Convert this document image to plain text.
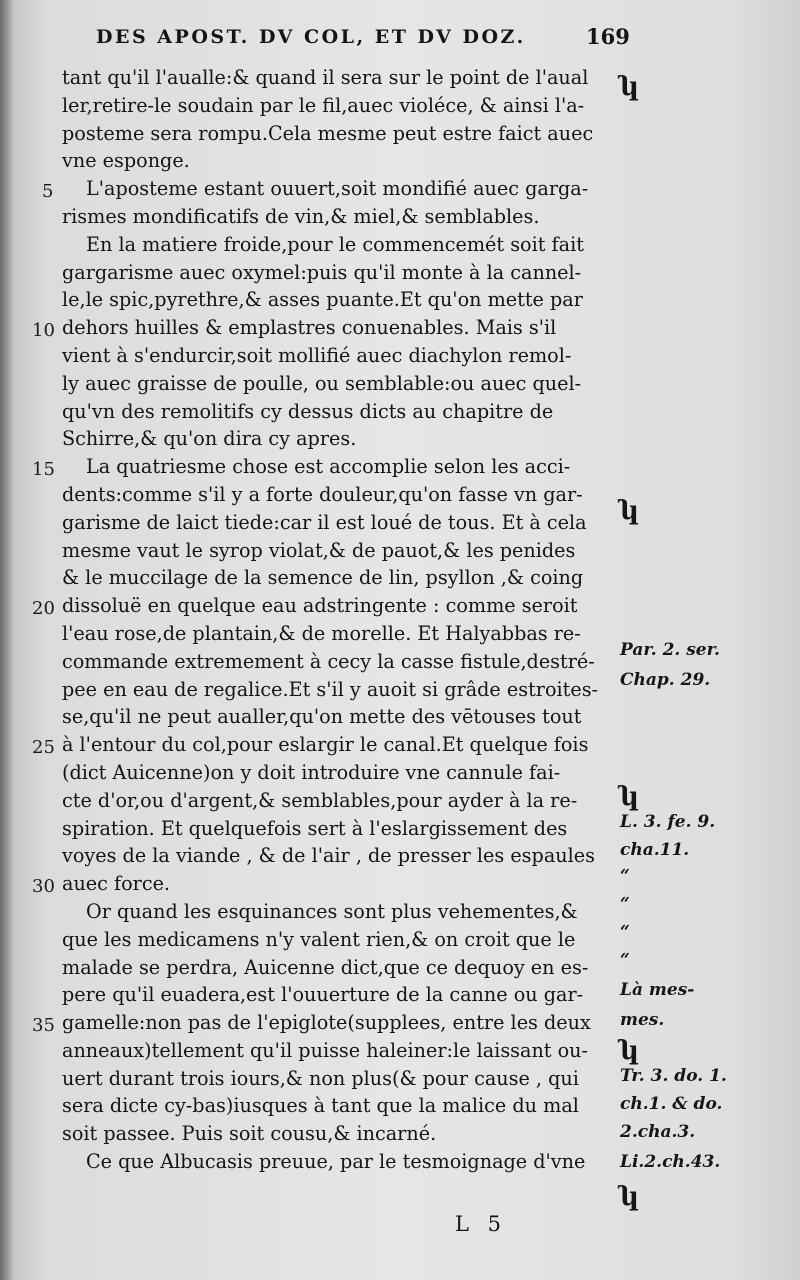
DES APOST. DV COL, ET DV DOZ.	169
tant qu'il l'aualle:& quand il sera sur le point de l'aual
ler,retire-le soudain par le fil,auec violéce, & ainsi l'a-
posteme sera rompu.Cela mesme peut estre faict auec
vne esponge.
L'aposteme estant ouuert,soit mondifié auec garga-
rismes mondificatifs de vin,& miel,& semblables.
En la matiere froide,pour le commencemét soit fait
gargarisme auec oxymel:puis qu'il monte à la cannel-
le,le spic,pyrethre,& asses puante.Et qu'on mette par
dehors huilles & emplastres conuenables. Mais s'il
vient à s'endurcir,soit mollifié auec diachylon remol-
ly auec graisse de poulle, ou semblable:ou auec quel-
qu'vn des remolitifs cy dessus dicts au chapitre de
Schirre,& qu'on dira cy apres.
La quatriesme chose est accomplie selon les acci-
dents:comme s'il y a forte douleur,qu'on fasse vn gar-
garisme de laict tiede:car il est loué de tous. Et à cela
mesme vaut le syrop violat,& de pauot,& les penides
& le muccilage de la semence de lin, psyllon ,& coing
dissoluë en quelque eau adstringente : comme seroit
l'eau rose,de plantain,& de morelle. Et Halyabbas re-
commande extremement à cecy la casse fistule,destré-
pee en eau de regalice.Et s'il y auoit si grâde estroites-
se,qu'il ne peut aualler,qu'on mette des vētouses tout
à l'entour du col,pour eslargir le canal.Et quelque fois
(dict Auicenne)on y doit introduire vne cannule fai-
cte d'or,ou d'argent,& semblables,pour ayder à la re-
spiration. Et quelquefois sert à l'eslargissement des
voyes de la viande , & de l'air , de presser les espaules
auec force.
Or quand les esquinances sont plus vehementes,&
que les medicamens n'y valent rien,& on croit que le
malade se perdra, Auicenne dict,que ce dequoy en es-
pere qu'il euadera,est l'ouuerture de la canne ou gar-
gamelle:non pas de l'epiglote(supplees, entre les deux
anneaux)tellement qu'il puisse haleiner:le laissant ou-
uert durant trois iours,& non plus(& pour cause , qui
sera dicte cy-bas)iusques à tant que la malice du mal
soit passee. Puis soit cousu,& incarné.
Ce que Albucasis preuue, par le tesmoignage d'vne
5
10
15
20
25
30
35
ʮ
ʮ
Par. 2. ser.
Chap. 29.
ʮ
L. 3. fe. 9.
cha.11.
“
“
“
“
Là mes-
mes.
ʮ
Tr. 3. do. 1.
ch.1. & do.
2.cha.3.
Li.2.ch.43.
ʮ
L 5
